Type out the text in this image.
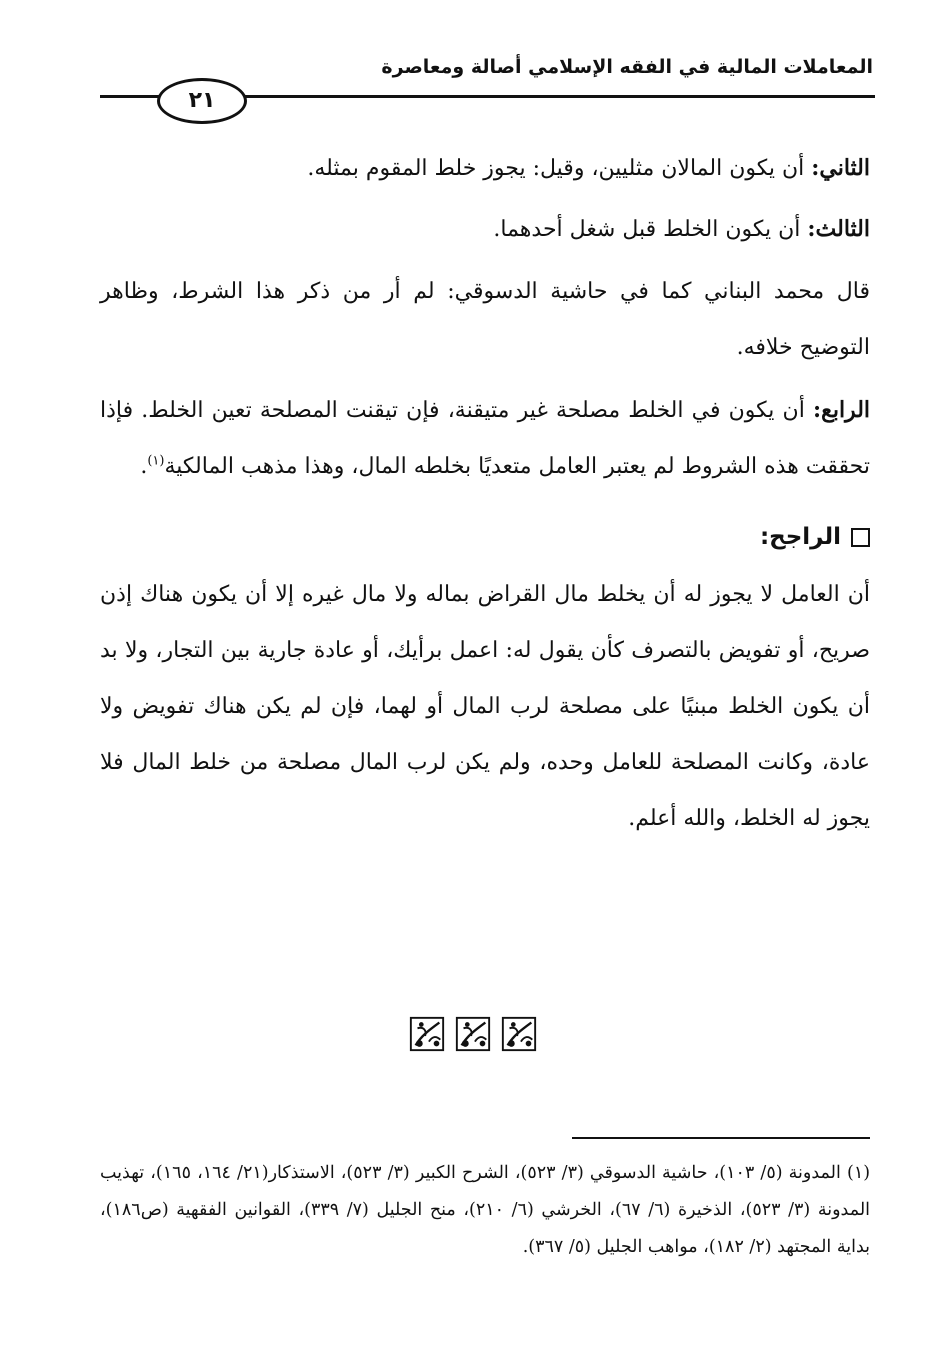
المعاملات المالية في الفقه الإسلامي أصالة ومعاصرة
٢١

الثاني: أن يكون المالان مثليين، وقيل: يجوز خلط المقوم بمثله.

الثالث: أن يكون الخلط قبل شغل أحدهما.

قال محمد البناني كما في حاشية الدسوقي: لم أر من ذكر هذا الشرط، وظاهر التوضيح خلافه.

الرابع: أن يكون في الخلط مصلحة غير متيقنة، فإن تيقنت المصلحة تعين الخلط. فإذا تحققت هذه الشروط لم يعتبر العامل متعديًا بخلطه المال، وهذا مذهب المالكية$^{(١)}$.

الراجح:

أن العامل لا يجوز له أن يخلط مال القراض بماله ولا مال غيره إلا أن يكون هناك إذن صريح، أو تفويض بالتصرف كأن يقول له: اعمل برأيك، أو عادة جارية بين التجار، ولا بد أن يكون الخلط مبنيًا على مصلحة لرب المال أو لهما، فإن لم يكن هناك تفويض ولا عادة، وكانت المصلحة للعامل وحده، ولم يكن لرب المال مصلحة من خلط المال فلا يجوز له الخلط، والله أعلم.

(١) المدونة (٥/ ١٠٣)، حاشية الدسوقي (٣/ ٥٢٣)، الشرح الكبير (٣/ ٥٢٣)، الاستذكار(٢١/ ١٦٤، ١٦٥)، تهذيب المدونة (٣/ ٥٢٣)، الذخيرة (٦/ ٦٧)، الخرشي (٦/ ٢١٠)، منح الجليل (٧/ ٣٣٩)، القوانين الفقهية (ص١٨٦)، بداية المجتهد (٢/ ١٨٢)، مواهب الجليل (٥/ ٣٦٧).
